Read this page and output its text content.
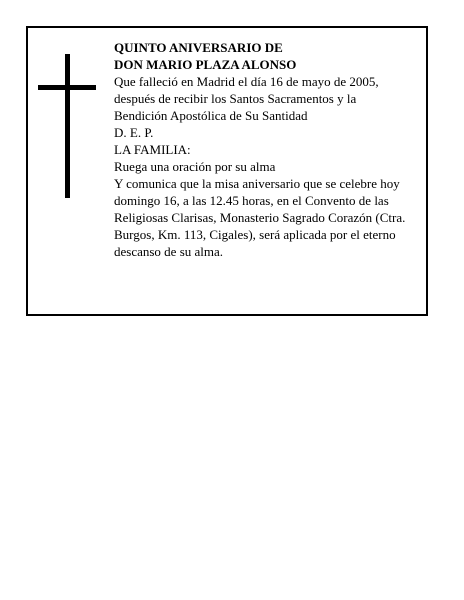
QUINTO ANIVERSARIO DE
DON MARIO PLAZA ALONSO
Que falleció en Madrid el día 16 de mayo de 2005,
después de recibir los Santos Sacramentos y la
Bendición Apostólica de Su Santidad
D. E. P.
LA FAMILIA:
Ruega una oración por su alma
Y comunica que la misa aniversario que se celebre hoy
domingo 16, a las 12.45 horas, en el Convento de las
Religiosas Clarisas, Monasterio Sagrado Corazón (Ctra.
Burgos, Km. 113, Cigales), será aplicada por el eterno
descanso de su alma.
